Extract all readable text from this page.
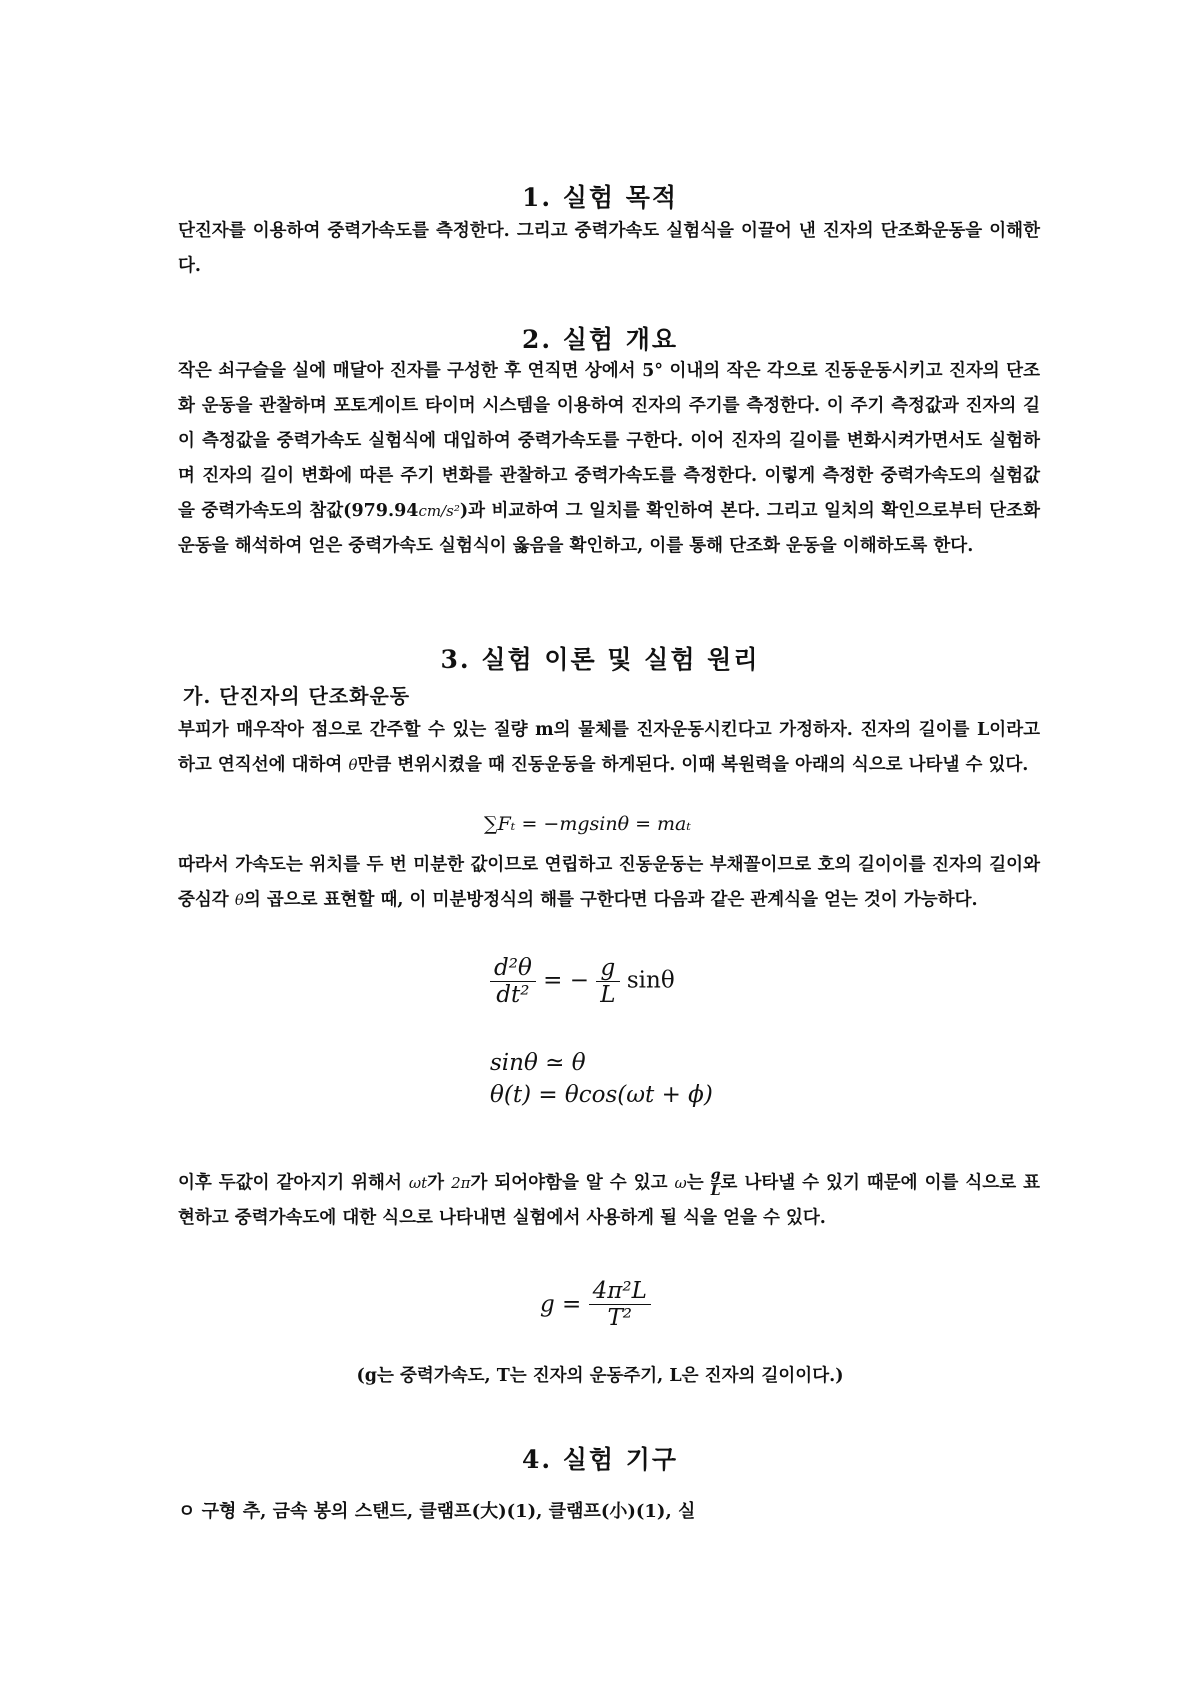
1. 실험 목적
단진자를 이용하여 중력가속도를 측정한다. 그리고 중력가속도 실험식을 이끌어 낸 진자의 단조화운동을 이해한다.
2. 실험 개요
작은 쇠구슬을 실에 매달아 진자를 구성한 후 연직면 상에서 5° 이내의 작은 각으로 진동운동시키고 진자의 단조화 운동을 관찰하며 포토게이트 타이머 시스템을 이용하여 진자의 주기를 측정한다. 이 주기 측정값과 진자의 길이 측정값을 중력가속도 실험식에 대입하여 중력가속도를 구한다. 이어 진자의 길이를 변화시켜가면서도 실험하며 진자의 길이 변화에 따른 주기 변화를 관찰하고 중력가속도를 측정한다. 이렇게 측정한 중력가속도의 실험값을 중력가속도의 참값(979.94cm/s²)과 비교하여 그 일치를 확인하여 본다. 그리고 일치의 확인으로부터 단조화 운동을 해석하여 얻은 중력가속도 실험식이 옳음을 확인하고, 이를 통해 단조화 운동을 이해하도록 한다.
3. 실험 이론 및 실험 원리
가. 단진자의 단조화운동
부피가 매우작아 점으로 간주할 수 있는 질량 m의 물체를 진자운동시킨다고 가정하자. 진자의 길이를 L이라고 하고 연직선에 대하여 θ만큼 변위시켰을 때 진동운동을 하게된다. 이때 복원력을 아래의 식으로 나타낼 수 있다.
∑Fₜ = −mgsinθ = maₜ
따라서 가속도는 위치를 두 번 미분한 값이므로 연립하고 진동운동는 부채꼴이므로 호의 길이이를 진자의 길이와 중심각 θ의 곱으로 표현할 때, 이 미분방정식의 해를 구한다면 다음과 같은 관계식을 얻는 것이 가능하다.
$\frac{\text{d²θ}}{\text{dt²}}$ = − $\frac{g}{L}$ sinθ
sinθ ≃ θ
θ(t) = θcos(ωt + ϕ)
이후 두값이 같아지기 위해서 ωt가 2π가 되어야함을 알 수 있고 ω는 $\frac{g}{L}$ 로 나타낼 수 있기 때문에 이를 식으로 표현하고 중력가속도에 대한 식으로 나타내면 실험에서 사용하게 될 식을 얻을 수 있다.
$g = \frac{\text{4π²L}}{\text{T²}}$
(g는 중력가속도, T는 진자의 운동주기, L은 진자의 길이이다.)
4. 실험 기구
ㅇ 구형 추, 금속 봉의 스탠드, 클램프(大)(1), 클램프(小)(1), 실
